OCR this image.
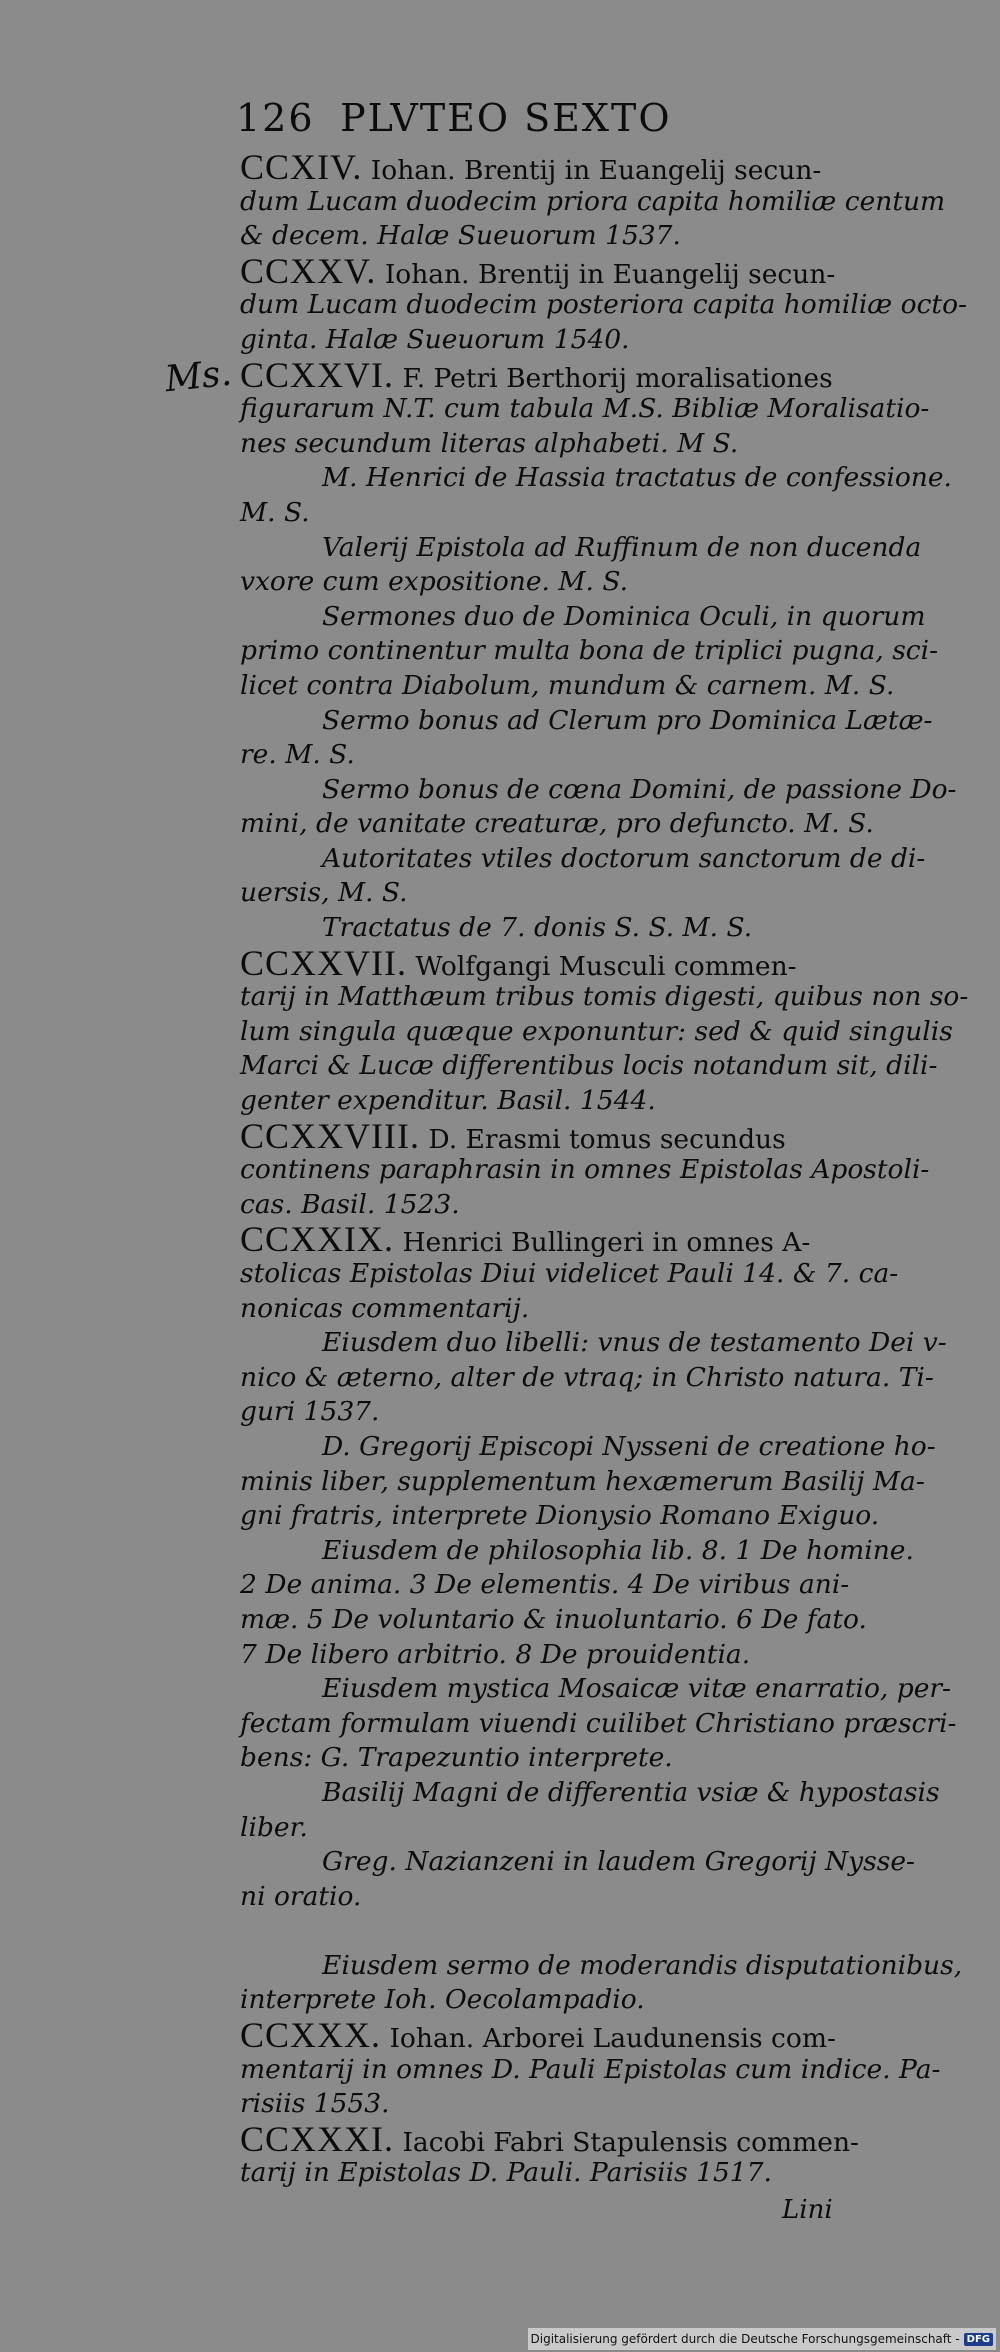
126 PLVTEO SEXTO
Ms.
CCXIV. Iohan. Brentij in Euangelij secun-
dum Lucam duodecim priora capita homiliæ centum
& decem. Halæ Sueuorum 1537.
CCXXV. Iohan. Brentij in Euangelij secun-
dum Lucam duodecim posteriora capita homiliæ octo-
ginta. Halæ Sueuorum 1540.
CCXXVI. F. Petri Berthorij moralisationes
figurarum N.T. cum tabula M.S. Bibliæ Moralisatio-
nes secundum literas alphabeti. M S.
M. Henrici de Hassia tractatus de confessione.
M. S.
Valerij Epistola ad Ruffinum de non ducenda
vxore cum expositione. M. S.
Sermones duo de Dominica Oculi, in quorum
primo continentur multa bona de triplici pugna, sci-
licet contra Diabolum, mundum & carnem. M. S.
Sermo bonus ad Clerum pro Dominica Lætæ-
re. M. S.
Sermo bonus de cœna Domini, de passione Do-
mini, de vanitate creaturæ, pro defuncto. M. S.
Autoritates vtiles doctorum sanctorum de di-
uersis, M. S.
Tractatus de 7. donis S. S. M. S.
CCXXVII. Wolfgangi Musculi commen-
tarij in Matthæum tribus tomis digesti, quibus non so-
lum singula quæque exponuntur: sed & quid singulis
Marci & Lucæ differentibus locis notandum sit, dili-
genter expenditur. Basil. 1544.
CCXXVIII. D. Erasmi tomus secundus
continens paraphrasin in omnes Epistolas Apostoli-
cas. Basil. 1523.
CCXXIX. Henrici Bullingeri in omnes A-
stolicas Epistolas Diui videlicet Pauli 14. & 7. ca-
nonicas commentarij.
Eiusdem duo libelli: vnus de testamento Dei v-
nico & æterno, alter de vtraq; in Christo natura. Ti-
guri 1537.
D. Gregorij Episcopi Nysseni de creatione ho-
minis liber, supplementum hexæmerum Basilij Ma-
gni fratris, interprete Dionysio Romano Exiguo.
Eiusdem de philosophia lib. 8. 1 De homine.
2 De anima. 3 De elementis. 4 De viribus ani-
mæ. 5 De voluntario & inuoluntario. 6 De fato.
7 De libero arbitrio. 8 De prouidentia.
Eiusdem mystica Mosaicæ vitæ enarratio, per-
fectam formulam viuendi cuilibet Christiano præscri-
bens: G. Trapezuntio interprete.
Basilij Magni de differentia vsiæ & hypostasis
liber.
Greg. Nazianzeni in laudem Gregorij Nysse-
ni oratio.
Eiusdem sermo de moderandis disputationibus,
interprete Ioh. Oecolampadio.
CCXXX. Iohan. Arborei Laudunensis com-
mentarij in omnes D. Pauli Epistolas cum indice. Pa-
risiis 1553.
CCXXXI. Iacobi Fabri Stapulensis commen-
tarij in Epistolas D. Pauli. Parisiis 1517.
Lini
Digitalisierung gefördert durch die Deutsche Forschungsgemeinschaft - DFG
